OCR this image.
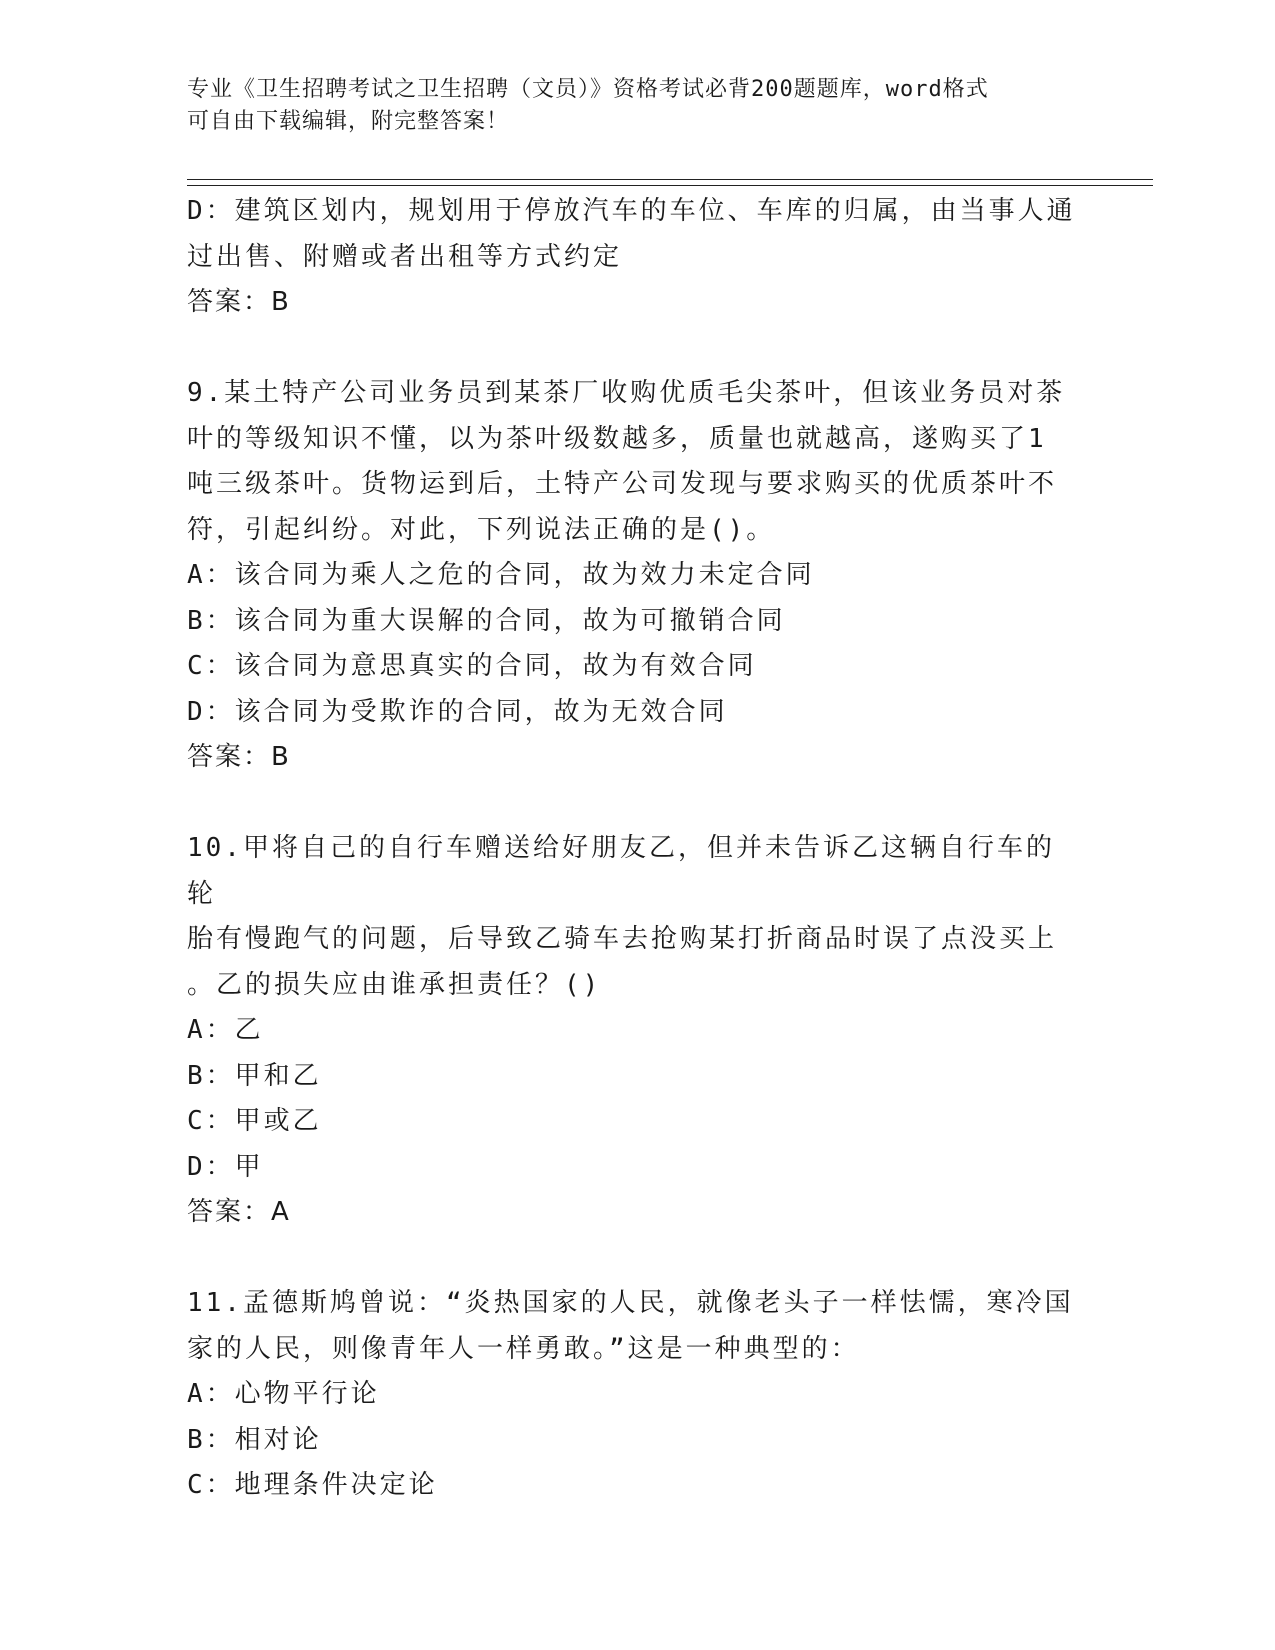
专业《卫生招聘考试之卫生招聘（文员）》资格考试必背200题题库，word格式
可自由下载编辑，附完整答案！

D：建筑区划内，规划用于停放汽车的车位、车库的归属，由当事人通

过出售、附赠或者出租等方式约定

答案：B

9.某土特产公司业务员到某茶厂收购优质毛尖茶叶，但该业务员对茶

叶的等级知识不懂，以为茶叶级数越多，质量也就越高，遂购买了1

吨三级茶叶。货物运到后，土特产公司发现与要求购买的优质茶叶不

符，引起纠纷。对此，下列说法正确的是()。

A：该合同为乘人之危的合同，故为效力未定合同

B：该合同为重大误解的合同，故为可撤销合同

C：该合同为意思真实的合同，故为有效合同

D：该合同为受欺诈的合同，故为无效合同

答案：B

10.甲将自己的自行车赠送给好朋友乙，但并未告诉乙这辆自行车的轮

胎有慢跑气的问题，后导致乙骑车去抢购某打折商品时误了点没买上

。乙的损失应由谁承担责任？()

A：乙

B：甲和乙

C：甲或乙

D：甲

答案：A

11.孟德斯鸠曾说：“炎热国家的人民，就像老头子一样怯懦，寒冷国

家的人民，则像青年人一样勇敢。”这是一种典型的：

A：心物平行论

B：相对论

C：地理条件决定论
